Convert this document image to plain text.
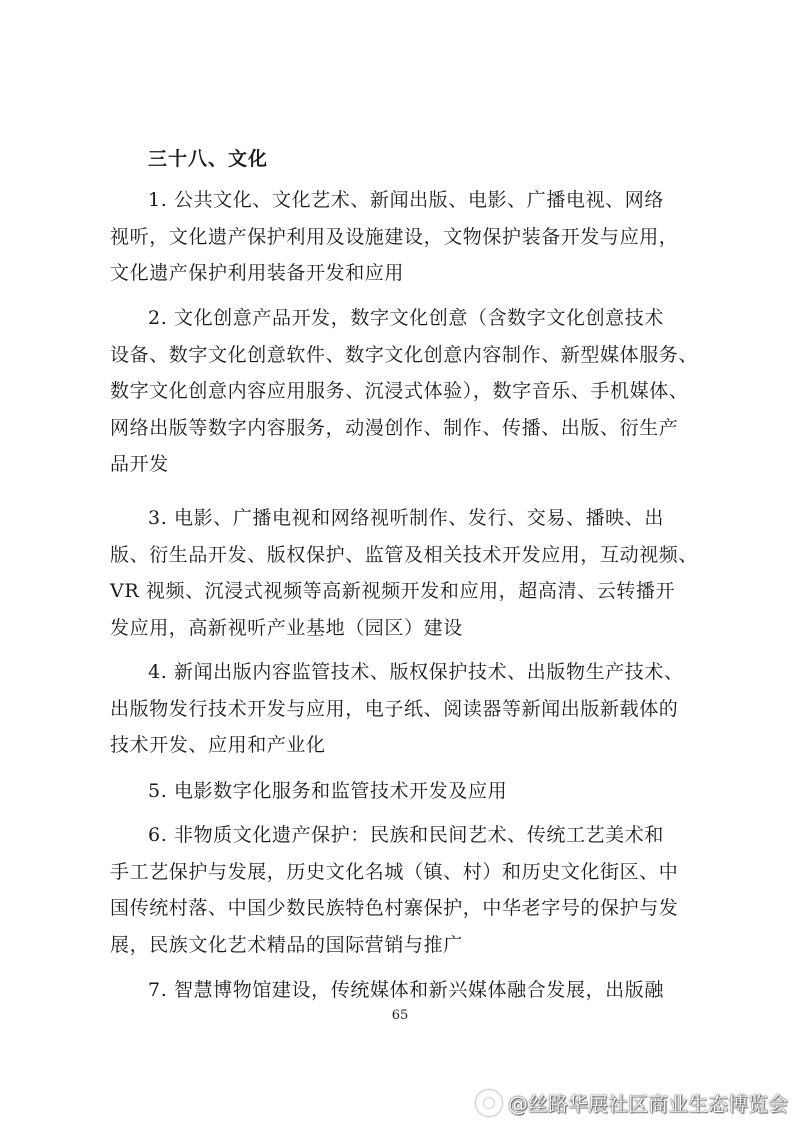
三十八、文化
1. 公共文化、文化艺术、新闻出版、电影、广播电视、网络
视听，文化遗产保护利用及设施建设，文物保护装备开发与应用，
文化遗产保护利用装备开发和应用
2. 文化创意产品开发，数字文化创意（含数字文化创意技术
设备、数字文化创意软件、数字文化创意内容制作、新型媒体服务、
数字文化创意内容应用服务、沉浸式体验），数字音乐、手机媒体、
网络出版等数字内容服务，动漫创作、制作、传播、出版、衍生产
品开发
3. 电影、广播电视和网络视听制作、发行、交易、播映、出
版、衍生品开发、版权保护、监管及相关技术开发应用，互动视频、
VR 视频、沉浸式视频等高新视频开发和应用，超高清、云转播开
发应用，高新视听产业基地（园区）建设
4. 新闻出版内容监管技术、版权保护技术、出版物生产技术、
出版物发行技术开发与应用，电子纸、阅读器等新闻出版新载体的
技术开发、应用和产业化
5. 电影数字化服务和监管技术开发及应用
6. 非物质文化遗产保护：民族和民间艺术、传统工艺美术和
手工艺保护与发展，历史文化名城（镇、村）和历史文化街区、中
国传统村落、中国少数民族特色村寨保护，中华老字号的保护与发
展，民族文化艺术精品的国际营销与推广
7. 智慧博物馆建设，传统媒体和新兴媒体融合发展，出版融
65
@丝路华展社区商业生态博览会
